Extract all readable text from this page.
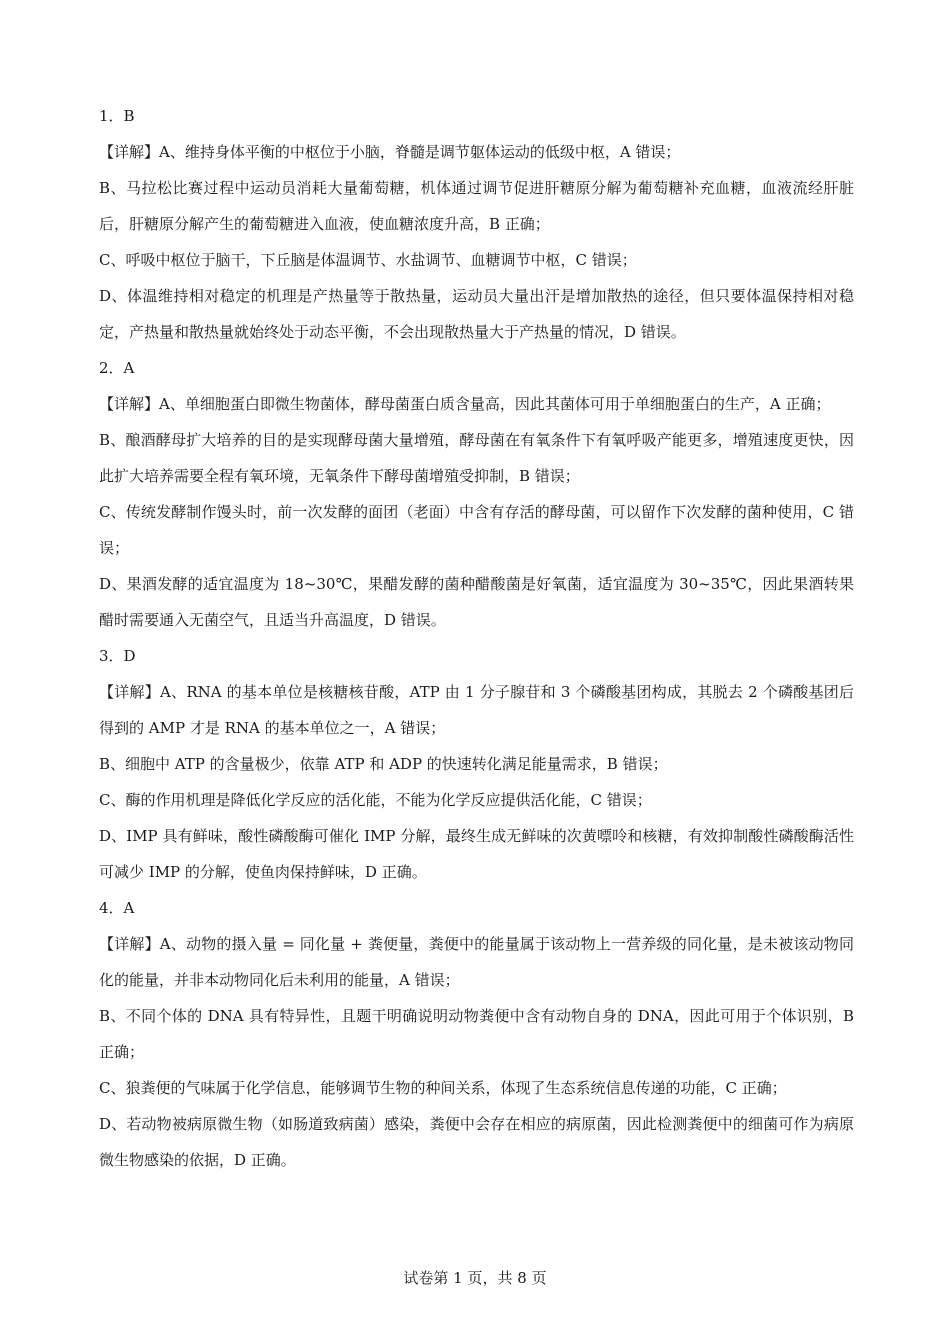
1．B
【详解】A、维持身体平衡的中枢位于小脑，脊髓是调节躯体运动的低级中枢，A 错误；
B、马拉松比赛过程中运动员消耗大量葡萄糖，机体通过调节促进肝糖原分解为葡萄糖补充血糖，血液流经肝脏后，肝糖原分解产生的葡萄糖进入血液，使血糖浓度升高，B 正确；
C、呼吸中枢位于脑干，下丘脑是体温调节、水盐调节、血糖调节中枢，C 错误；
D、体温维持相对稳定的机理是产热量等于散热量，运动员大量出汗是增加散热的途径，但只要体温保持相对稳定，产热量和散热量就始终处于动态平衡，不会出现散热量大于产热量的情况，D 错误。
2．A
【详解】A、单细胞蛋白即微生物菌体，酵母菌蛋白质含量高，因此其菌体可用于单细胞蛋白的生产，A 正确；
B、酿酒酵母扩大培养的目的是实现酵母菌大量增殖，酵母菌在有氧条件下有氧呼吸产能更多，增殖速度更快，因此扩大培养需要全程有氧环境，无氧条件下酵母菌增殖受抑制，B 错误；
C、传统发酵制作馒头时，前一次发酵的面团（老面）中含有存活的酵母菌，可以留作下次发酵的菌种使用，C 错误；
D、果酒发酵的适宜温度为 18~30℃，果醋发酵的菌种醋酸菌是好氧菌，适宜温度为 30~35℃，因此果酒转果醋时需要通入无菌空气，且适当升高温度，D 错误。
3．D
【详解】A、RNA 的基本单位是核糖核苷酸，ATP 由 1 分子腺苷和 3 个磷酸基团构成，其脱去 2 个磷酸基团后得到的 AMP 才是 RNA 的基本单位之一，A 错误；
B、细胞中 ATP 的含量极少，依靠 ATP 和 ADP 的快速转化满足能量需求，B 错误；
C、酶的作用机理是降低化学反应的活化能，不能为化学反应提供活化能，C 错误；
D、IMP 具有鲜味，酸性磷酸酶可催化 IMP 分解，最终生成无鲜味的次黄嘌呤和核糖，有效抑制酸性磷酸酶活性可减少 IMP 的分解，使鱼肉保持鲜味，D 正确。
4．A
【详解】A、动物的摄入量 = 同化量 + 粪便量，粪便中的能量属于该动物上一营养级的同化量，是未被该动物同化的能量，并非本动物同化后未利用的能量，A 错误；
B、不同个体的 DNA 具有特异性，且题干明确说明动物粪便中含有动物自身的 DNA，因此可用于个体识别，B 正确；
C、狼粪便的气味属于化学信息，能够调节生物的种间关系，体现了生态系统信息传递的功能，C 正确；
D、若动物被病原微生物（如肠道致病菌）感染，粪便中会存在相应的病原菌，因此检测粪便中的细菌可作为病原微生物感染的依据，D 正确。
试卷第 1 页，共 8 页
